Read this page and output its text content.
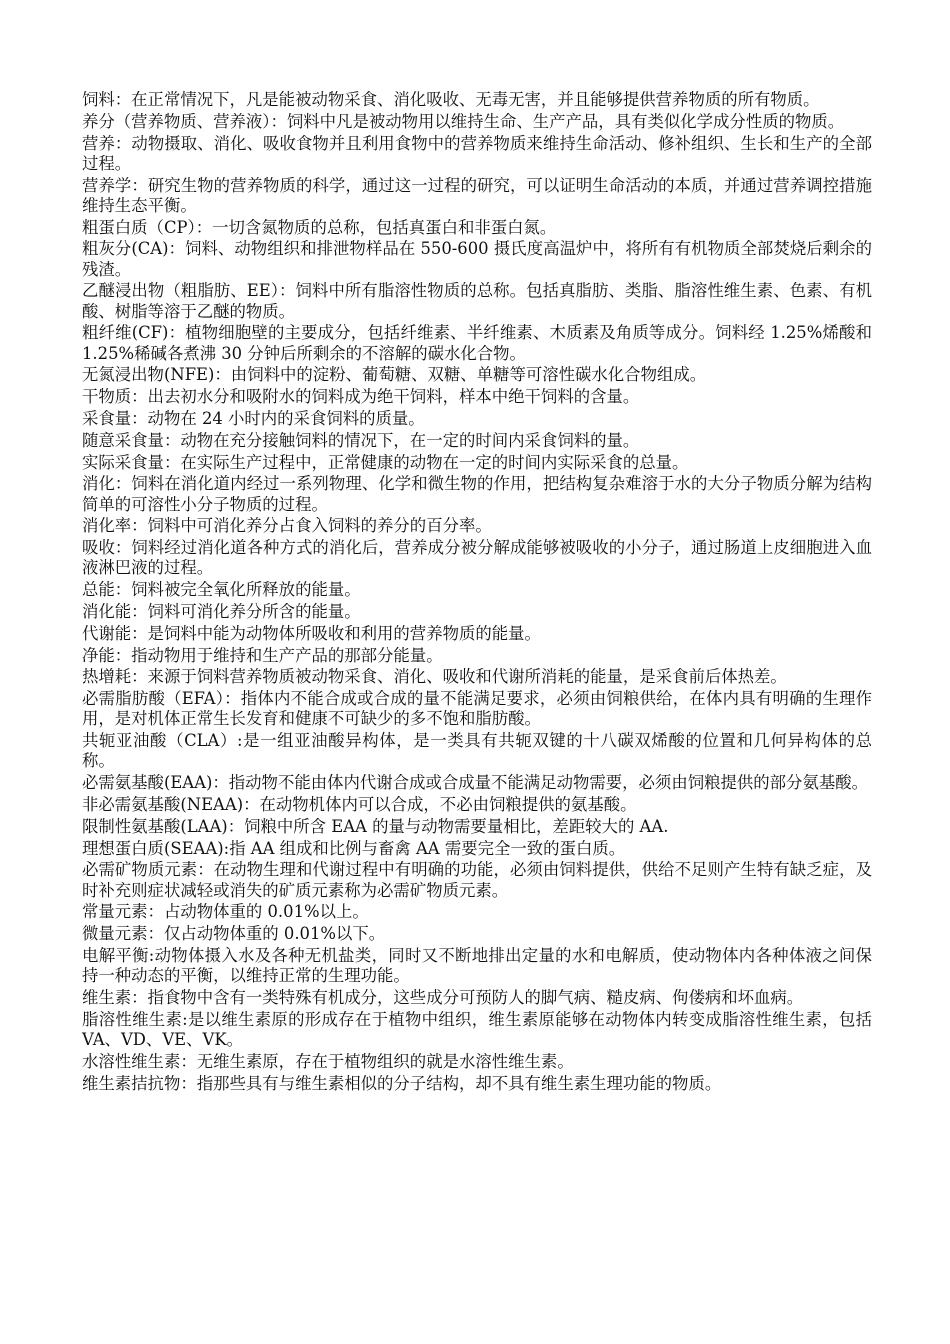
饲料：在正常情况下，凡是能被动物采食、消化吸收、无毒无害，并且能够提供营养物质的所有物质。
养分（营养物质、营养液）：饲料中凡是被动物用以维持生命、生产产品，具有类似化学成分性质的物质。
营养：动物摄取、消化、吸收食物并且利用食物中的营养物质来维持生命活动、修补组织、生长和生产的全部过程。
营养学：研究生物的营养物质的科学，通过这一过程的研究，可以证明生命活动的本质，并通过营养调控措施维持生态平衡。
粗蛋白质（CP）：一切含氮物质的总称，包括真蛋白和非蛋白氮。
粗灰分(CA)：饲料、动物组织和排泄物样品在 550-600 摄氏度高温炉中，将所有有机物质全部焚烧后剩余的残渣。
乙醚浸出物（粗脂肪、EE）：饲料中所有脂溶性物质的总称。包括真脂肪、类脂、脂溶性维生素、色素、有机酸、树脂等溶于乙醚的物质。
粗纤维(CF)：植物细胞壁的主要成分，包括纤维素、半纤维素、木质素及角质等成分。饲料经 1.25%烯酸和 1.25%稀碱各煮沸 30 分钟后所剩余的不溶解的碳水化合物。
无氮浸出物(NFE)：由饲料中的淀粉、葡萄糖、双糖、单糖等可溶性碳水化合物组成。
干物质：出去初水分和吸附水的饲料成为绝干饲料，样本中绝干饲料的含量。
采食量：动物在 24 小时内的采食饲料的质量。
随意采食量：动物在充分接触饲料的情况下，在一定的时间内采食饲料的量。
实际采食量：在实际生产过程中，正常健康的动物在一定的时间内实际采食的总量。
消化：饲料在消化道内经过一系列物理、化学和微生物的作用，把结构复杂难溶于水的大分子物质分解为结构简单的可溶性小分子物质的过程。
消化率：饲料中可消化养分占食入饲料的养分的百分率。
吸收：饲料经过消化道各种方式的消化后，营养成分被分解成能够被吸收的小分子，通过肠道上皮细胞进入血液淋巴液的过程。
总能：饲料被完全氧化所释放的能量。
消化能：饲料可消化养分所含的能量。
代谢能：是饲料中能为动物体所吸收和利用的营养物质的能量。
净能：指动物用于维持和生产产品的那部分能量。
热增耗：来源于饲料营养物质被动物采食、消化、吸收和代谢所消耗的能量，是采食前后体热差。
必需脂肪酸（EFA）：指体内不能合成或合成的量不能满足要求，必须由饲粮供给，在体内具有明确的生理作用，是对机体正常生长发育和健康不可缺少的多不饱和脂肪酸。
共轭亚油酸（CLA）:是一组亚油酸异构体，是一类具有共轭双键的十八碳双烯酸的位置和几何异构体的总称。
必需氨基酸(EAA)：指动物不能由体内代谢合成或合成量不能满足动物需要，必须由饲粮提供的部分氨基酸。
非必需氨基酸(NEAA)：在动物机体内可以合成，不必由饲粮提供的氨基酸。
限制性氨基酸(LAA)：饲粮中所含 EAA 的量与动物需要量相比，差距较大的 AA.
理想蛋白质(SEAA):指 AA 组成和比例与畜禽 AA 需要完全一致的蛋白质。
必需矿物质元素：在动物生理和代谢过程中有明确的功能，必须由饲料提供，供给不足则产生特有缺乏症，及时补充则症状减轻或消失的矿质元素称为必需矿物质元素。
常量元素：占动物体重的 0.01%以上。
微量元素：仅占动物体重的 0.01%以下。
电解平衡:动物体摄入水及各种无机盐类，同时又不断地排出定量的水和电解质，使动物体内各种体液之间保持一种动态的平衡，以维持正常的生理功能。
维生素：指食物中含有一类特殊有机成分，这些成分可预防人的脚气病、糙皮病、佝偻病和坏血病。
脂溶性维生素:是以维生素原的形成存在于植物中组织，维生素原能够在动物体内转变成脂溶性维生素，包括 VA、VD、VE、VK。
水溶性维生素：无维生素原，存在于植物组织的就是水溶性维生素。
维生素拮抗物：指那些具有与维生素相似的分子结构，却不具有维生素生理功能的物质。
